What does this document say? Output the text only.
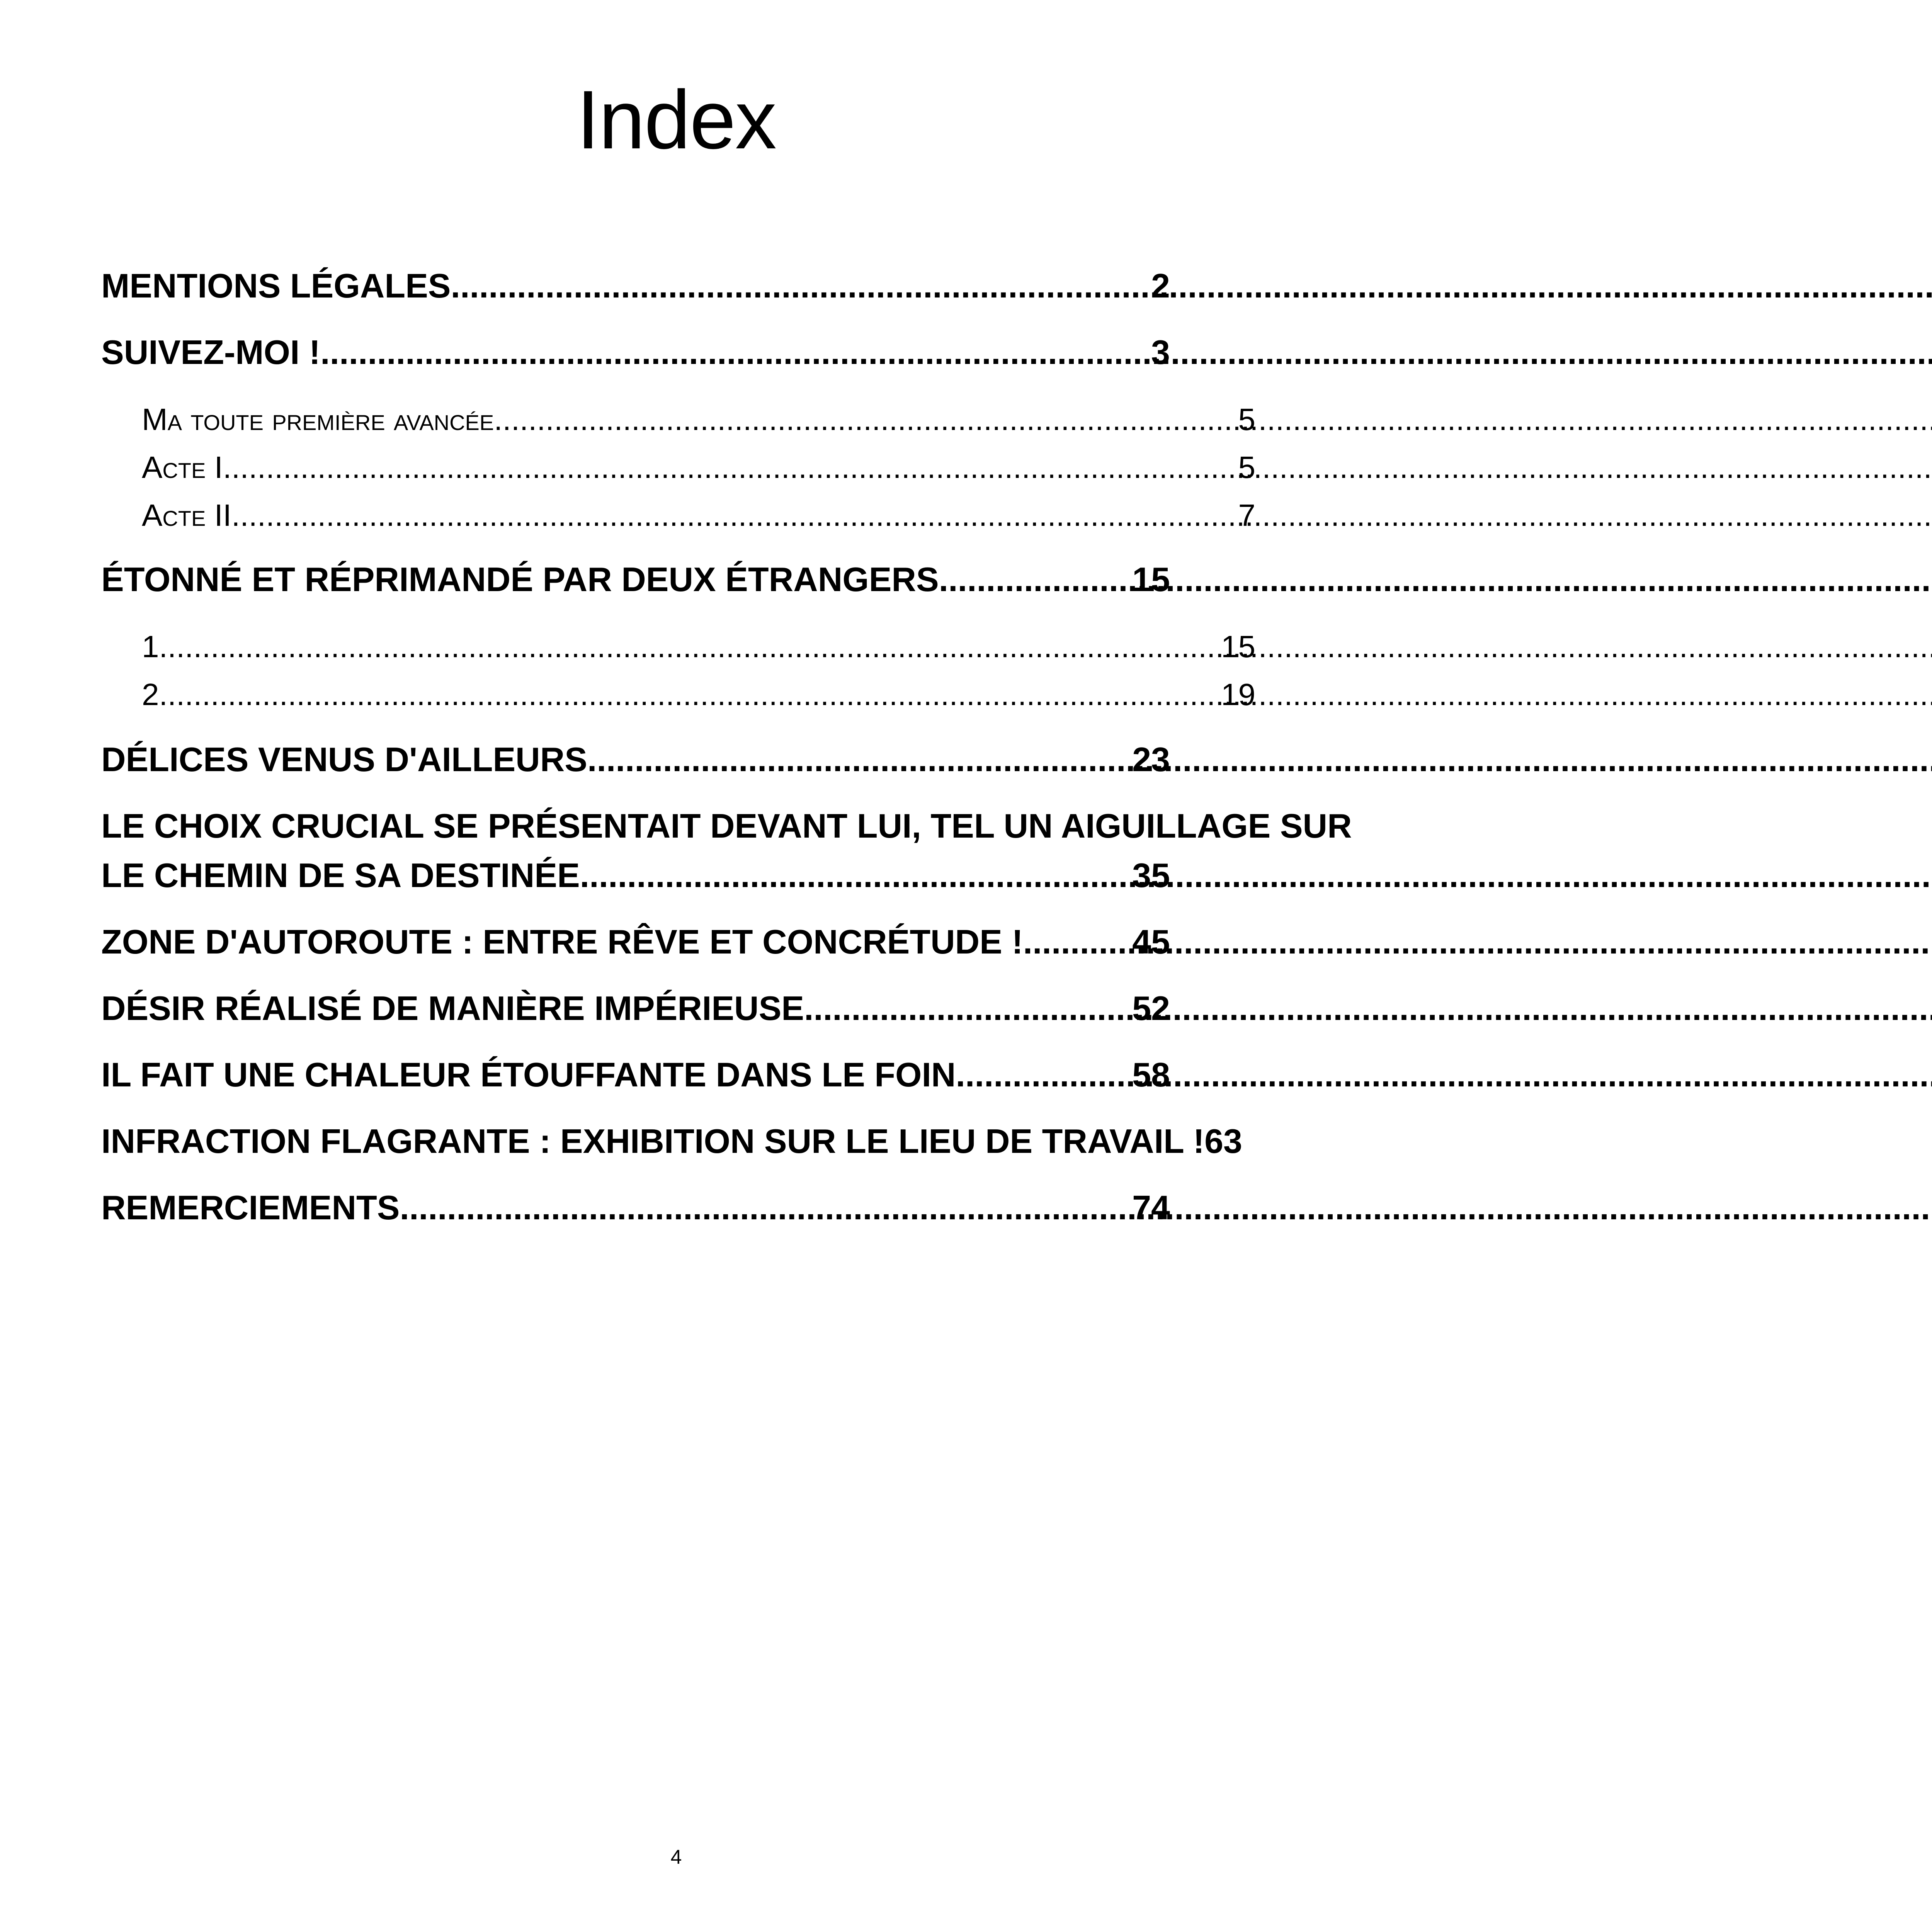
Index
MENTIONS LÉGALES .....	2
SUIVEZ-MOI ! .....	3
Ma toute première avancée .....	5
Acte I .....	5
Acte II .....	7
ÉTONNÉ ET RÉPRIMANDÉ PAR DEUX ÉTRANGERS .....	15
1. .....	15
2. .....	19
DÉLICES VENUS D'AILLEURS .....	23
LE CHOIX CRUCIAL SE PRÉSENTAIT DEVANT LUI, TEL UN AIGUILLAGE SUR
LE CHEMIN DE SA DESTINÉE .....	35
ZONE D'AUTOROUTE : ENTRE RÊVE ET CONCRÉTUDE ! .....	45
DÉSIR RÉALISÉ DE MANIÈRE IMPÉRIEUSE .....	52
IL FAIT UNE CHALEUR ÉTOUFFANTE DANS LE FOIN .....	58
INFRACTION FLAGRANTE : EXHIBITION SUR LE LIEU DE TRAVAIL ! 63
REMERCIEMENTS .....	74
4
